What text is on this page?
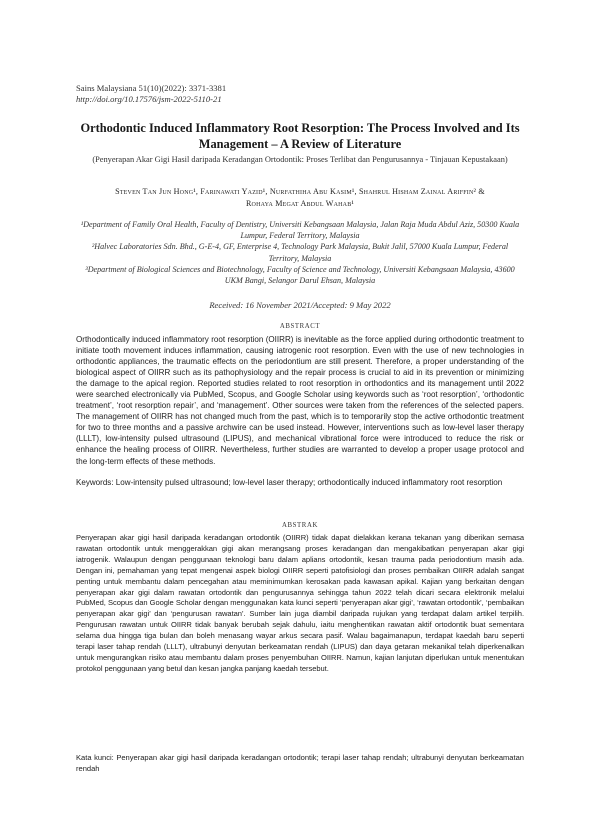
Sains Malaysiana 51(10)(2022): 3371-3381
http://doi.org/10.17576/jsm-2022-5110-21
Orthodontic Induced Inflammatory Root Resorption: The Process Involved and Its Management – A Review of Literature
(Penyerapan Akar Gigi Hasil daripada Keradangan Ortodontik: Proses Terlibat dan Pengurusannya - Tinjauan Kepustakaan)
Steven Tan Jun Hong¹, Farinawati Yazid¹, Nurfathiha Abu Kasim¹, Shahrul Hisham Zainal Ariffin² &
Rohaya Megat Abdul Wahab¹

¹Department of Family Oral Health, Faculty of Dentistry, Universiti Kebangsaan Malaysia, Jalan Raja Muda Abdul Aziz, 50300 Kuala Lumpur, Federal Territory, Malaysia

²Halvec Laboratories Sdn. Bhd., G-E-4, GF, Enterprise 4, Technology Park Malaysia, Bukit Jalil, 57000 Kuala Lumpur, Federal Territory, Malaysia

³Department of Biological Sciences and Biotechnology, Faculty of Science and Technology, Universiti Kebangsaan Malaysia, 43600 UKM Bangi, Selangor Darul Ehsan, Malaysia

Received: 16 November 2021/Accepted: 9 May 2022
ABSTRACT

Orthodontically induced inflammatory root resorption (OIIRR) is inevitable as the force applied during orthodontic treatment to initiate tooth movement induces inflammation, causing iatrogenic root resorption. Even with the use of new technologies in orthodontic appliances, the traumatic effects on the periodontium are still present. Therefore, a proper understanding of the biological aspect of OIIRR such as its pathophysiology and the repair process is crucial to aid in its prevention or minimizing the damage to the apical region. Reported studies related to root resorption in orthodontics and its management until 2022 were searched electronically via PubMed, Scopus, and Google Scholar using keywords such as ‘root resorption’, ‘orthodontic treatment’, ‘root resorption repair’, and ‘management’. Other sources were taken from the references of the selected papers. The management of OIIRR has not changed much from the past, which is to temporarily stop the active orthodontic treatment for two to three months and a passive archwire can be used instead. However, interventions such as low-level laser therapy (LLLT), low-intensity pulsed ultrasound (LIPUS), and mechanical vibrational force were introduced to reduce the risk or enhance the healing process of OIIRR. Nevertheless, further studies are warranted to develop a proper usage protocol and the long-term effects of these methods.

Keywords: Low-intensity pulsed ultrasound; low-level laser therapy; orthodontically induced inflammatory root resorption

ABSTRAK

Penyerapan akar gigi hasil daripada keradangan ortodontik (OIIRR) tidak dapat dielakkan kerana tekanan yang diberikan semasa rawatan ortodontik untuk menggerakkan gigi akan merangsang proses keradangan dan mengakibatkan penyerapan akar gigi iatrogenik. Walaupun dengan penggunaan teknologi baru dalam aplians ortodontik, kesan trauma pada periodontium masih ada. Dengan ini, pemahaman yang tepat mengenai aspek biologi OIIRR seperti patofisiologi dan proses pembaikan OIIRR adalah sangat penting untuk membantu dalam pencegahan atau meminimumkan kerosakan pada kawasan apikal. Kajian yang berkaitan dengan penyerapan akar gigi dalam rawatan ortodontik dan pengurusannya sehingga tahun 2022 telah dicari secara elektronik melalui PubMed, Scopus dan Google Scholar dengan menggunakan kata kunci seperti ‘penyerapan akar gigi’, ‘rawatan ortodontik’, ‘pembaikan penyerapan akar gigi’ dan ‘pengurusan rawatan’. Sumber lain juga diambil daripada rujukan yang terdapat dalam artikel terpilih. Pengurusan rawatan untuk OIIRR tidak banyak berubah sejak dahulu, iaitu menghentikan rawatan aktif ortodontik buat sementara selama dua hingga tiga bulan dan boleh menasang wayar arkus secara pasif. Walau bagaimanapun, terdapat kaedah baru seperti terapi laser tahap rendah (LLLT), ultrabunyi denyutan berkeamatan rendah (LIPUS) dan daya getaran mekanikal telah diperkenalkan untuk mengurangkan risiko atau membantu dalam proses penyembuhan OIIRR. Namun, kajian lanjutan diperlukan untuk menentukan protokol penggunaan yang betul dan kesan jangka panjang kaedah tersebut.

Kata kunci: Penyerapan akar gigi hasil daripada keradangan ortodontik; terapi laser tahap rendah; ultrabunyi denyutan berkeamatan rendah
